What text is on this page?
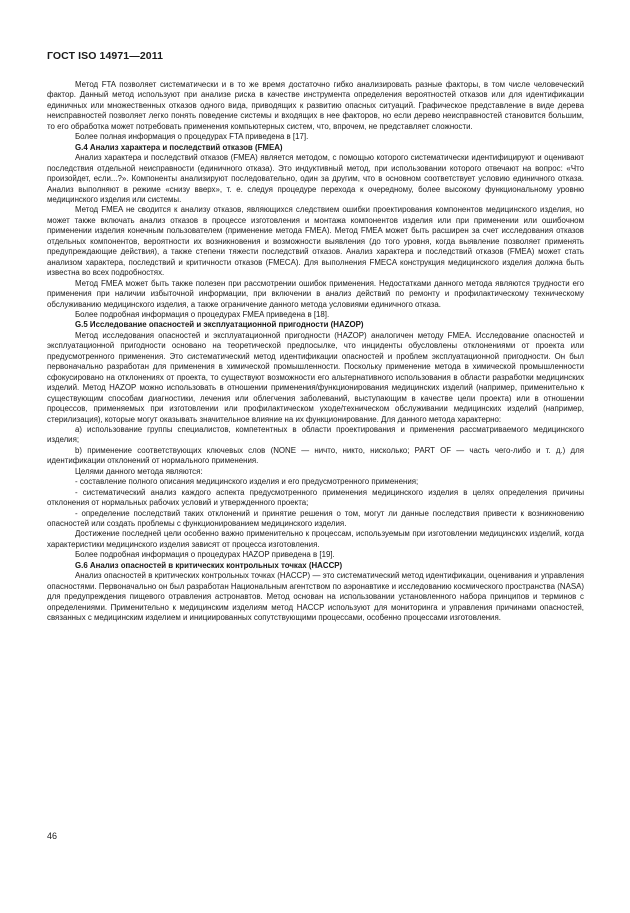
ГОСТ ISO 14971—2011

Метод FTA позволяет систематически и в то же время достаточно гибко анализировать разные факторы, в том числе человеческий фактор. Данный метод используют при анализе риска в качестве инструмента определения вероятностей отказов или для идентификации единичных или множественных отказов одного вида, приводящих к развитию опасных ситуаций. Графическое представление в виде дерева неисправностей позволяет легко понять поведение системы и входящих в нее факторов, но если дерево неисправностей становится большим, то его обработка может потребовать применения компьютерных систем, что, впрочем, не представляет сложности.

Более полная информация о процедурах FTA приведена в [17].

G.4 Анализ характера и последствий отказов (FMEA)

Анализ характера и последствий отказов (FMEA) является методом, с помощью которого систематически идентифицируют и оценивают последствия отдельной неисправности (единичного отказа). Это индуктивный метод, при использовании которого отвечают на вопрос: «Что произойдет, если...?». Компоненты анализируют последовательно, один за другим, что в основном соответствует условию единичного отказа. Анализ выполняют в режиме «снизу вверх», т. е. следуя процедуре перехода к очередному, более высокому функциональному уровню медицинского изделия или системы.

Метод FMEA не сводится к анализу отказов, являющихся следствием ошибки проектирования компонентов медицинского изделия, но может также включать анализ отказов в процессе изготовления и монтажа компонентов изделия или при применении или ошибочном применении изделия конечным пользователем (применение метода FMEA). Метод FMEA может быть расширен за счет исследования отказов отдельных компонентов, вероятности их возникновения и возможности выявления (до того уровня, когда выявление позволяет применять предупреждающие действия), а также степени тяжести последствий отказов. Анализ характера и последствий отказов (FMEA) может стать анализом характера, последствий и критичности отказов (FMECA). Для выполнения FMECA конструкция медицинского изделия должна быть известна во всех подробностях.

Метод FMEA может быть также полезен при рассмотрении ошибок применения. Недостатками данного метода являются трудности его применения при наличии избыточной информации, при включении в анализ действий по ремонту и профилактическому техническому обслуживанию медицинского изделия, а также ограничение данного метода условиями единичного отказа.

Более подробная информация о процедурах FMEA приведена в [18].

G.5 Исследование опасностей и эксплуатационной пригодности (HAZOP)

Метод исследования опасностей и эксплуатационной пригодности (HAZOP) аналогичен методу FMEA. Исследование опасностей и эксплуатационной пригодности основано на теоретической предпосылке, что инциденты обусловлены отклонениями от проекта или предусмотренного применения. Это систематический метод идентификации опасностей и проблем эксплуатационной пригодности. Он был первоначально разработан для применения в химической промышленности. Поскольку применение метода в химической промышленности сфокусировано на отклонениях от проекта, то существуют возможности его альтернативного использования в области разработки медицинских изделий. Метод HAZOP можно использовать в отношении применения/функционирования медицинских изделий (например, применительно к существующим способам диагностики, лечения или облегчения заболеваний, выступающим в качестве цели проекта) или в отношении процессов, применяемых при изготовлении или профилактическом уходе/техническом обслуживании медицинских изделий (например, стерилизация), которые могут оказывать значительное влияние на их функционирование. Для данного метода характерно:

a) использование группы специалистов, компетентных в области проектирования и применения рассматриваемого медицинского изделия;

b) применение соответствующих ключевых слов (NONE — ничто, никто, нисколько; PART OF — часть чего-либо и т. д.) для идентификации отклонений от нормального применения.

Целями данного метода являются:

- составление полного описания медицинского изделия и его предусмотренного применения;

- систематический анализ каждого аспекта предусмотренного применения медицинского изделия в целях определения причины отклонения от нормальных рабочих условий и утвержденного проекта;

- определение последствий таких отклонений и принятие решения о том, могут ли данные последствия привести к возникновению опасностей или создать проблемы с функционированием медицинского изделия.

Достижение последней цели особенно важно применительно к процессам, используемым при изготовлении медицинских изделий, когда характеристики медицинского изделия зависят от процесса изготовления.

Более подробная информация о процедурах HAZOP приведена в [19].

G.6 Анализ опасностей в критических контрольных точках (HACCP)

Анализ опасностей в критических контрольных точках (HACCP) — это систематический метод идентификации, оценивания и управления опасностями. Первоначально он был разработан Национальным агентством по аэронавтике и исследованию космического пространства (NASA) для предупреждения пищевого отравления астронавтов. Метод основан на использовании установленного набора принципов и терминов с определениями. Применительно к медицинским изделиям метод HACCP используют для мониторинга и управления причинами опасностей, связанных с медицинским изделием и инициированных сопутствующими процессами, особенно процессами изготовления.

46
